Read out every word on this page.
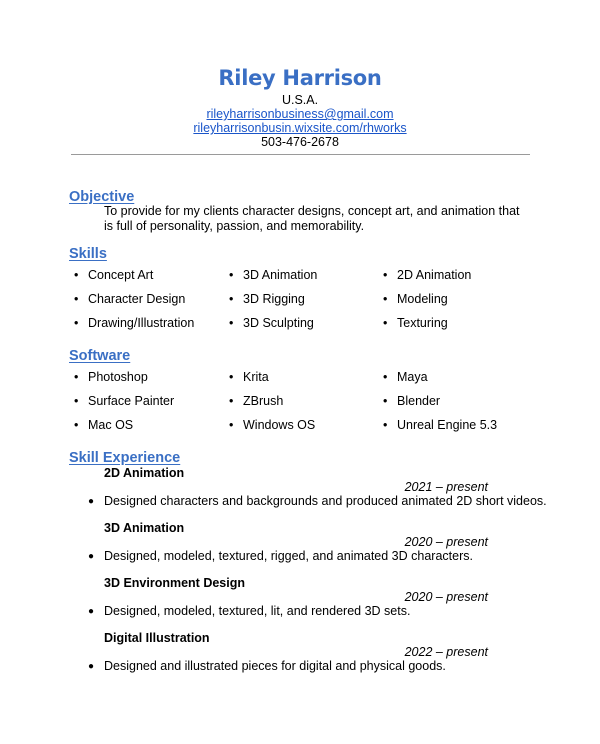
Riley Harrison
U.S.A.
rileyharrisonbusiness@gmail.com
rileyharrisonbusin.wixsite.com/rhworks
503-476-2678
Objective
To provide for my clients character designs, concept art, and animation that is full of personality, passion, and memorability.
Skills
• Concept Art
• Character Design
• Drawing/Illustration
• 3D Animation
• 3D Rigging
• 3D Sculpting
• 2D Animation
• Modeling
• Texturing
Software
• Photoshop
• Surface Painter
• Mac OS
• Krita
• ZBrush
• Windows OS
• Maya
• Blender
• Unreal Engine 5.3
Skill Experience
2D Animation
2021 – present
● Designed characters and backgrounds and produced animated 2D short videos.
3D Animation
2020 – present
● Designed, modeled, textured, rigged, and animated 3D characters.
3D Environment Design
2020 – present
● Designed, modeled, textured, lit, and rendered 3D sets.
Digital Illustration
2022 – present
● Designed and illustrated pieces for digital and physical goods.
